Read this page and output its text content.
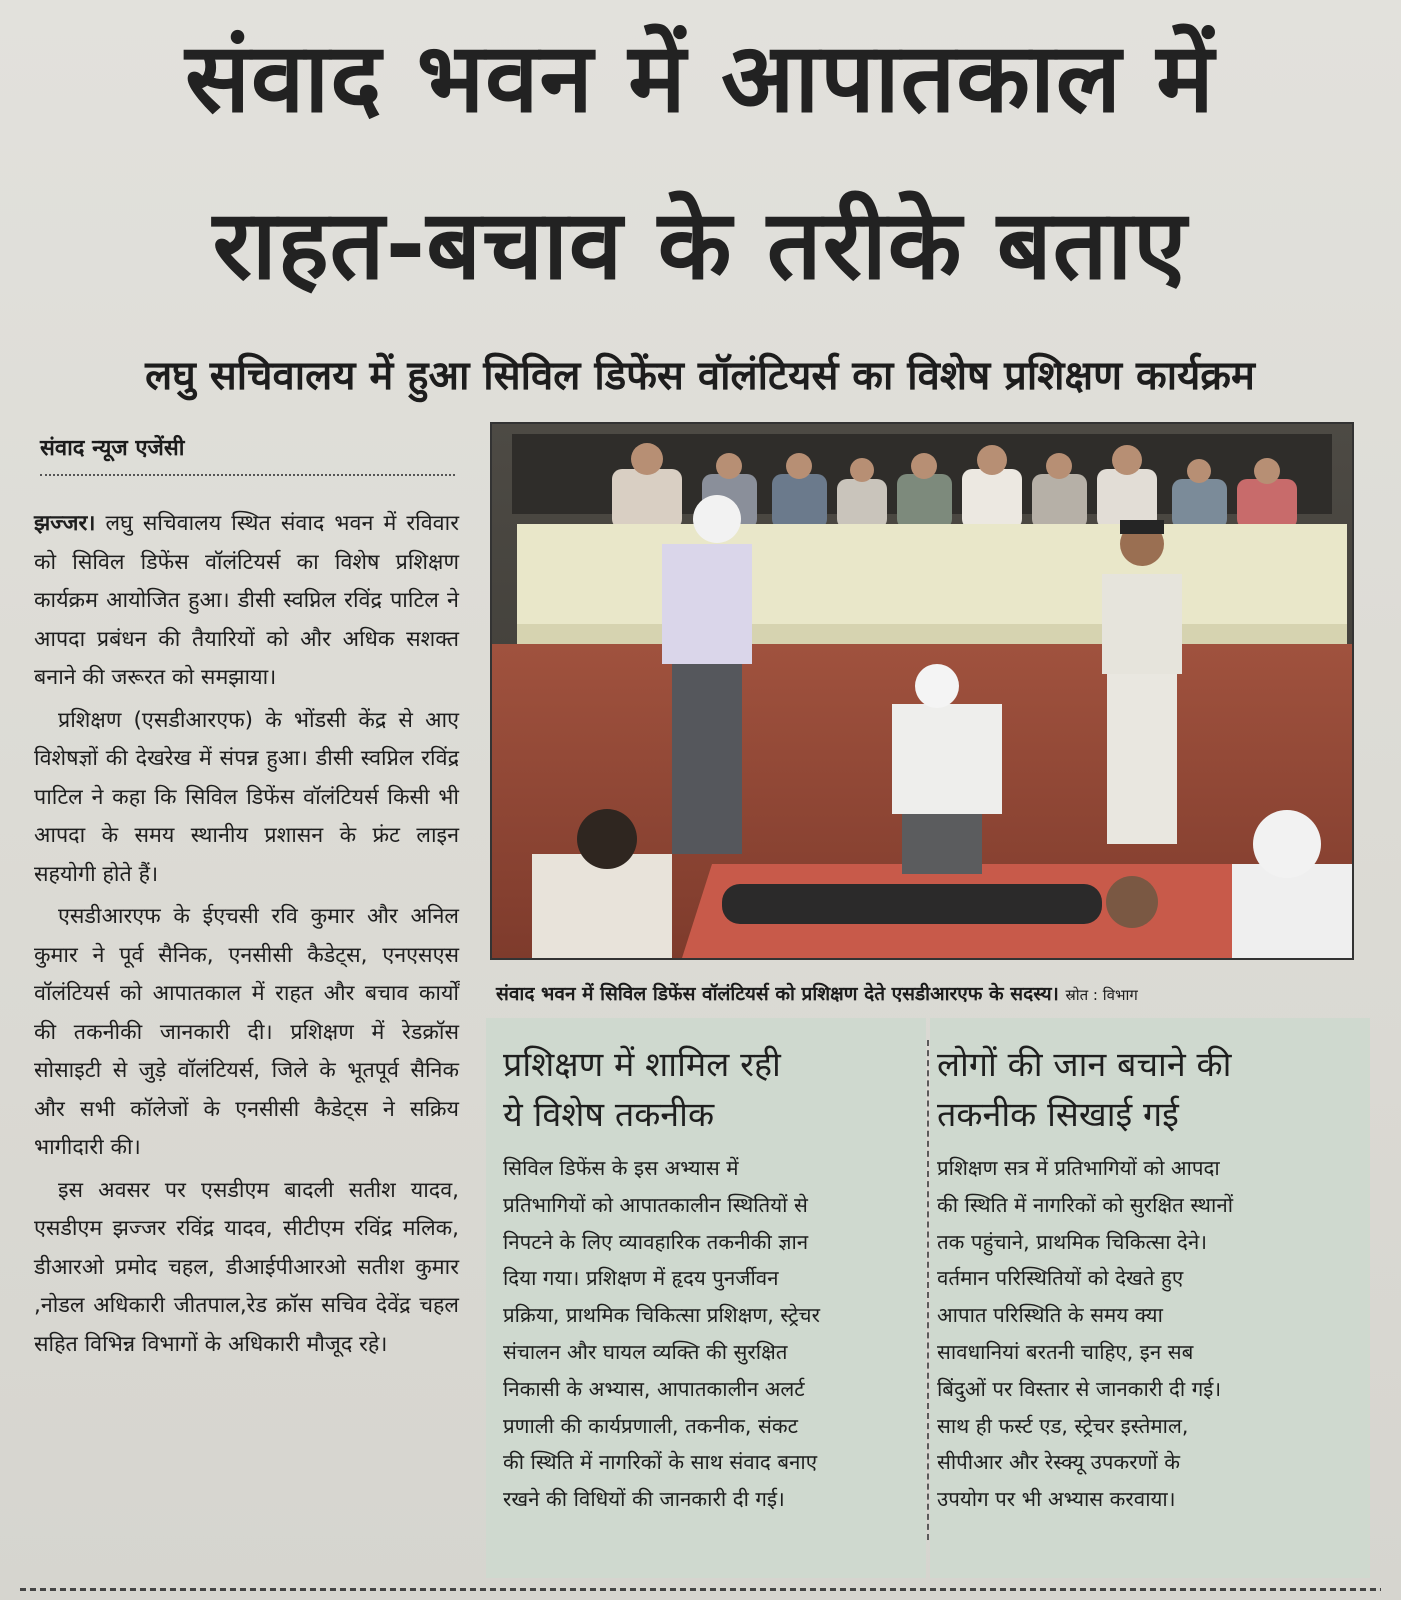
संवाद भवन में आपातकाल में
राहत-बचाव के तरीके बताए
लघु सचिवालय में हुआ सिविल डिफेंस वॉलंटियर्स का विशेष प्रशिक्षण कार्यक्रम
संवाद न्यूज एजेंसी

झज्जर। लघु सचिवालय स्थित संवाद भवन में रविवार को सिविल डिफेंस वॉलंटियर्स का विशेष प्रशिक्षण कार्यक्रम आयोजित हुआ। डीसी स्वप्निल रविंद्र पाटिल ने आपदा प्रबंधन की तैयारियों को और अधिक सशक्त बनाने की जरूरत को समझाया।

प्रशिक्षण (एसडीआरएफ) के भोंडसी केंद्र से आए विशेषज्ञों की देखरेख में संपन्न हुआ। डीसी स्वप्निल रविंद्र पाटिल ने कहा कि सिविल डिफेंस वॉलंटियर्स किसी भी आपदा के समय स्थानीय प्रशासन के फ्रंट लाइन सहयोगी होते हैं।

एसडीआरएफ के ईएचसी रवि कुमार और अनिल कुमार ने पूर्व सैनिक, एनसीसी कैडेट्स, एनएसएस वॉलंटियर्स को आपातकाल में राहत और बचाव कार्यों की तकनीकी जानकारी दी। प्रशिक्षण में रेडक्रॉस सोसाइटी से जुड़े वॉलंटियर्स, जिले के भूतपूर्व सैनिक और सभी कॉलेजों के एनसीसी कैडेट्स ने सक्रिय भागीदारी की।

इस अवसर पर एसडीएम बादली सतीश यादव, एसडीएम झज्जर रविंद्र यादव, सीटीएम रविंद्र मलिक, डीआरओ प्रमोद चहल, डीआईपीआरओ सतीश कुमार ,नोडल अधिकारी जीतपाल,रेड क्रॉस सचिव देवेंद्र चहल सहित विभिन्न विभागों के अधिकारी मौजूद रहे।

संवाद भवन में सिविल डिफेंस वॉलंटियर्स को प्रशिक्षण देते एसडीआरएफ के सदस्य। स्रोत : विभाग
प्रशिक्षण में शामिल रही
ये विशेष तकनीक
सिविल डिफेंस के इस अभ्यास में
प्रतिभागियों को आपातकालीन स्थितियों से
निपटने के लिए व्यावहारिक तकनीकी ज्ञान
दिया गया। प्रशिक्षण में हृदय पुनर्जीवन
प्रक्रिया, प्राथमिक चिकित्सा प्रशिक्षण, स्ट्रेचर
संचालन और घायल व्यक्ति की सुरक्षित
निकासी के अभ्यास, आपातकालीन अलर्ट
प्रणाली की कार्यप्रणाली, तकनीक, संकट
की स्थिति में नागरिकों के साथ संवाद बनाए
रखने की विधियों की जानकारी दी गई।
लोगों की जान बचाने की
तकनीक सिखाई गई
प्रशिक्षण सत्र में प्रतिभागियों को आपदा
की स्थिति में नागरिकों को सुरक्षित स्थानों
तक पहुंचाने, प्राथमिक चिकित्सा देने।
वर्तमान परिस्थितियों को देखते हुए
आपात परिस्थिति के समय क्या
सावधानियां बरतनी चाहिए, इन सब
बिंदुओं पर विस्तार से जानकारी दी गई।
साथ ही फर्स्ट एड, स्ट्रेचर इस्तेमाल,
सीपीआर और रेस्क्यू उपकरणों के
उपयोग पर भी अभ्यास करवाया।
